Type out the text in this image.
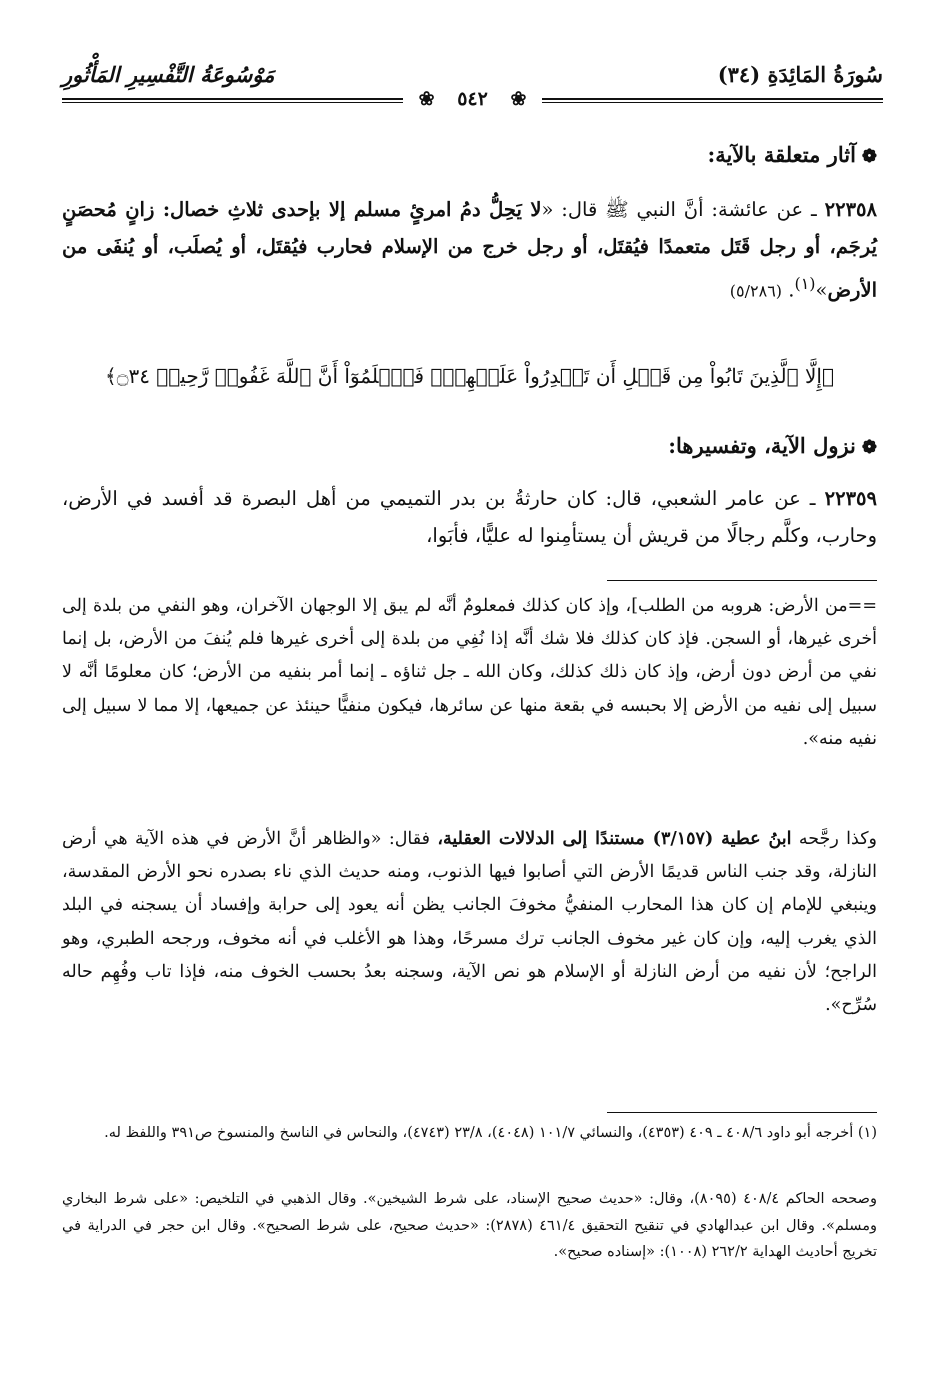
سُورَةُ المَائِدَةِ (٣٤)
مَوْسُوعَةُ التَّفْسِيرِ المَأْثُورِ
❀ ٥٤٢ ❀
❁آثار متعلقة بالآية:
٢٢٣٥٨ ـ عن عائشة: أنَّ النبي ﷺ قال: «لا يَحِلُّ دمُ امرئٍ مسلم إلا بإحدى ثلاثِ خصال: زانٍ مُحصَنٍ يُرجَم، أو رجل قَتَل متعمدًا فيُقتَل، أو رجل خرج من الإسلام فحارب فيُقتَل، أو يُصلَب، أو يُنفَى من الأرض»$^{(١)}$. (٥/٢٨٦)
﴿إِلَّا ٱلَّذِينَ تَابُواْ مِن قَبۡلِ أَن تَقۡدِرُواْ عَلَيۡهِمۡۖ فَٱعۡلَمُوٓاْ أَنَّ ٱللَّهَ غَفُورٞ رَّحِيمٞ ۝٣٤﴾
❁نزول الآية، وتفسيرها:
٢٢٣٥٩ ـ عن عامر الشعبي، قال: كان حارثةُ بن بدر التميمي من أهل البصرة قد أفسد في الأرض، وحارب، وكلَّم رجالًا من قريش أن يستأمِنوا له عليًّا، فأبَوا،
==من الأرض: هروبه من الطلب]، وإذ كان كذلك فمعلومٌ أنَّه لم يبق إلا الوجهان الآخران، وهو النفي من بلدة إلى أخرى غيرها، أو السجن. فإذ كان كذلك فلا شك أنَّه إذا نُفِي من بلدة إلى أخرى غيرها فلم يُنفَ من الأرض، بل إنما نفي من أرض دون أرض، وإذ كان ذلك كذلك، وكان الله ـ جل ثناؤه ـ إنما أمر بنفيه من الأرض؛ كان معلومًا أنَّه لا سبيل إلى نفيه من الأرض إلا بحبسه في بقعة منها عن سائرها، فيكون منفيًّا حينئذ عن جميعها، إلا مما لا سبيل إلى نفيه منه».
وكذا رجَّحه ابنُ عطية (٣/١٥٧) مستندًا إلى الدلالات العقلية، فقال: «والظاهر أنَّ الأرض في هذه الآية هي أرض النازلة، وقد جنب الناس قديمًا الأرض التي أصابوا فيها الذنوب، ومنه حديث الذي ناء بصدره نحو الأرض المقدسة، وينبغي للإمام إن كان هذا المحارب المنفيُّ مخوفَ الجانب يظن أنه يعود إلى حرابة وإفساد أن يسجنه في البلد الذي يغرب إليه، وإن كان غير مخوف الجانب ترك مسرحًا، وهذا هو الأغلب في أنه مخوف، ورجحه الطبري، وهو الراجح؛ لأن نفيه من أرض النازلة أو الإسلام هو نص الآية، وسجنه بعدُ بحسب الخوف منه، فإذا تاب وفُهِم حاله سُرِّح».
(١) أخرجه أبو داود ٤٠٨/٦ ـ ٤٠٩ (٤٣٥٣)، والنسائي ١٠١/٧ (٤٠٤٨)، ٢٣/٨ (٤٧٤٣)، والنحاس في الناسخ والمنسوخ ص٣٩١ واللفظ له.
وصححه الحاكم ٤٠٨/٤ (٨٠٩٥)، وقال: «حديث صحيح الإسناد، على شرط الشيخين». وقال الذهبي في التلخيص: «على شرط البخاري ومسلم». وقال ابن عبدالهادي في تنقيح التحقيق ٤٦١/٤ (٢٨٧٨): «حديث صحيح، على شرط الصحيح». وقال ابن حجر في الدراية في تخريج أحاديث الهداية ٢٦٢/٢ (١٠٠٨): «إسناده صحيح».
